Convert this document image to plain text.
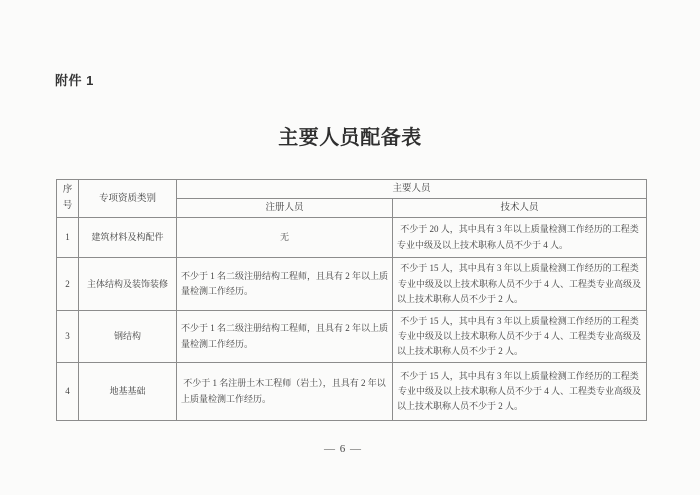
附件 1
主要人员配备表
序
号	专项资质类别	主要人员	
		注册人员	技术人员
1	建筑材料及构配件	无	不少于 20 人，其中具有 3 年以上质量检测工作经历的工程类专业中级及以上技术职称人员不少于 4 人。
2	主体结构及装饰装修	不少于 1 名二级注册结构工程师，且具有 2 年以上质量检测工作经历。	不少于 15 人，其中具有 3 年以上质量检测工作经历的工程类专业中级及以上技术职称人员不少于 4 人、工程类专业高级及以上技术职称人员不少于 2 人。
3	钢结构	不少于 1 名二级注册结构工程师，且具有 2 年以上质量检测工作经历。	不少于 15 人，其中具有 3 年以上质量检测工作经历的工程类专业中级及以上技术职称人员不少于 4 人、工程类专业高级及以上技术职称人员不少于 2 人。
4	地基基础	不少于 1 名注册土木工程师（岩土），且具有 2 年以上质量检测工作经历。	不少于 15 人，其中具有 3 年以上质量检测工作经历的工程类专业中级及以上技术职称人员不少于 4 人、工程类专业高级及以上技术职称人员不少于 2 人。
— 6 —
